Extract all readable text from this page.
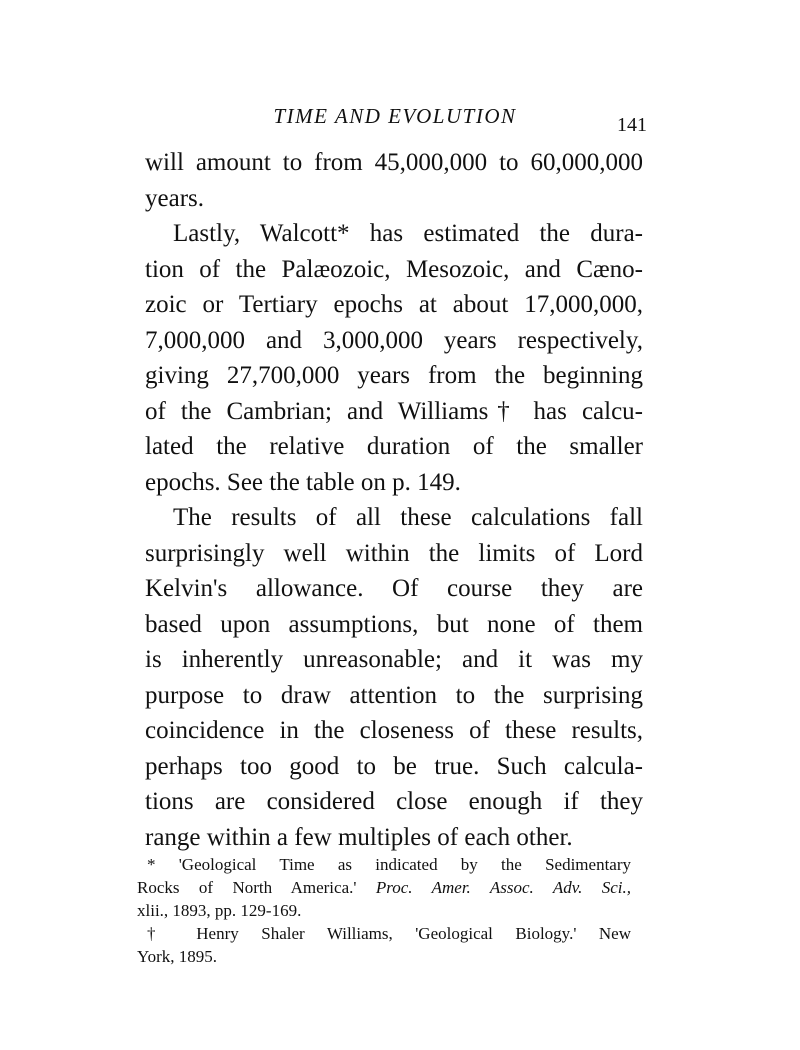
TIME AND EVOLUTION	141

will amount to from 45,000,000 to 60,000,000
years.

Lastly, Walcott* has estimated the dura-
tion of the Palæozoic, Mesozoic, and Cæno-
zoic or Tertiary epochs at about 17,000,000,
7,000,000 and 3,000,000 years respectively,
giving 27,700,000 years from the beginning
of the Cambrian; and Williams† has calcu-
lated the relative duration of the smaller
epochs. See the table on p. 149.

The results of all these calculations fall
surprisingly well within the limits of Lord
Kelvin's allowance. Of course they are
based upon assumptions, but none of them
is inherently unreasonable; and it was my
purpose to draw attention to the surprising
coincidence in the closeness of these results,
perhaps too good to be true. Such calcula-
tions are considered close enough if they
range within a few multiples of each other.

* 'Geological Time as indicated by the Sedimentary
Rocks of North America.' Proc. Amer. Assoc. Adv. Sci.,
xlii., 1893, pp. 129-169.

† Henry Shaler Williams, 'Geological Biology.' New
York, 1895.
